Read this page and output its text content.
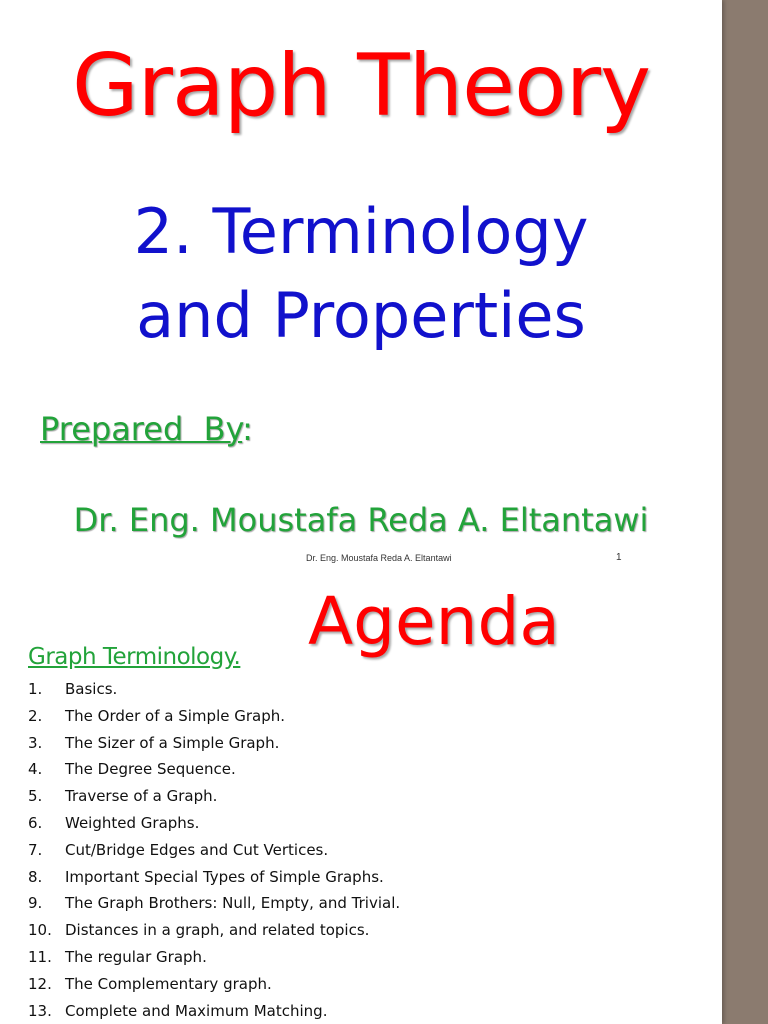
Graph Theory
2. Terminology
and Properties
Prepared  By:
Dr. Eng. Moustafa Reda A. Eltantawi
Dr. Eng. Moustafa Reda A. Eltantawi	1
Agenda
Graph Terminology.
1. Basics.
2. The Order of a Simple Graph.
3. The Sizer of a Simple Graph.
4. The Degree Sequence.
5. Traverse of a Graph.
6. Weighted Graphs.
7. Cut/Bridge Edges and Cut Vertices.
8. Important Special Types of Simple Graphs.
9. The Graph Brothers: Null, Empty, and Trivial.
10. Distances in a graph, and related topics.
11. The regular Graph.
12. The Complementary graph.
13. Complete and Maximum Matching.
